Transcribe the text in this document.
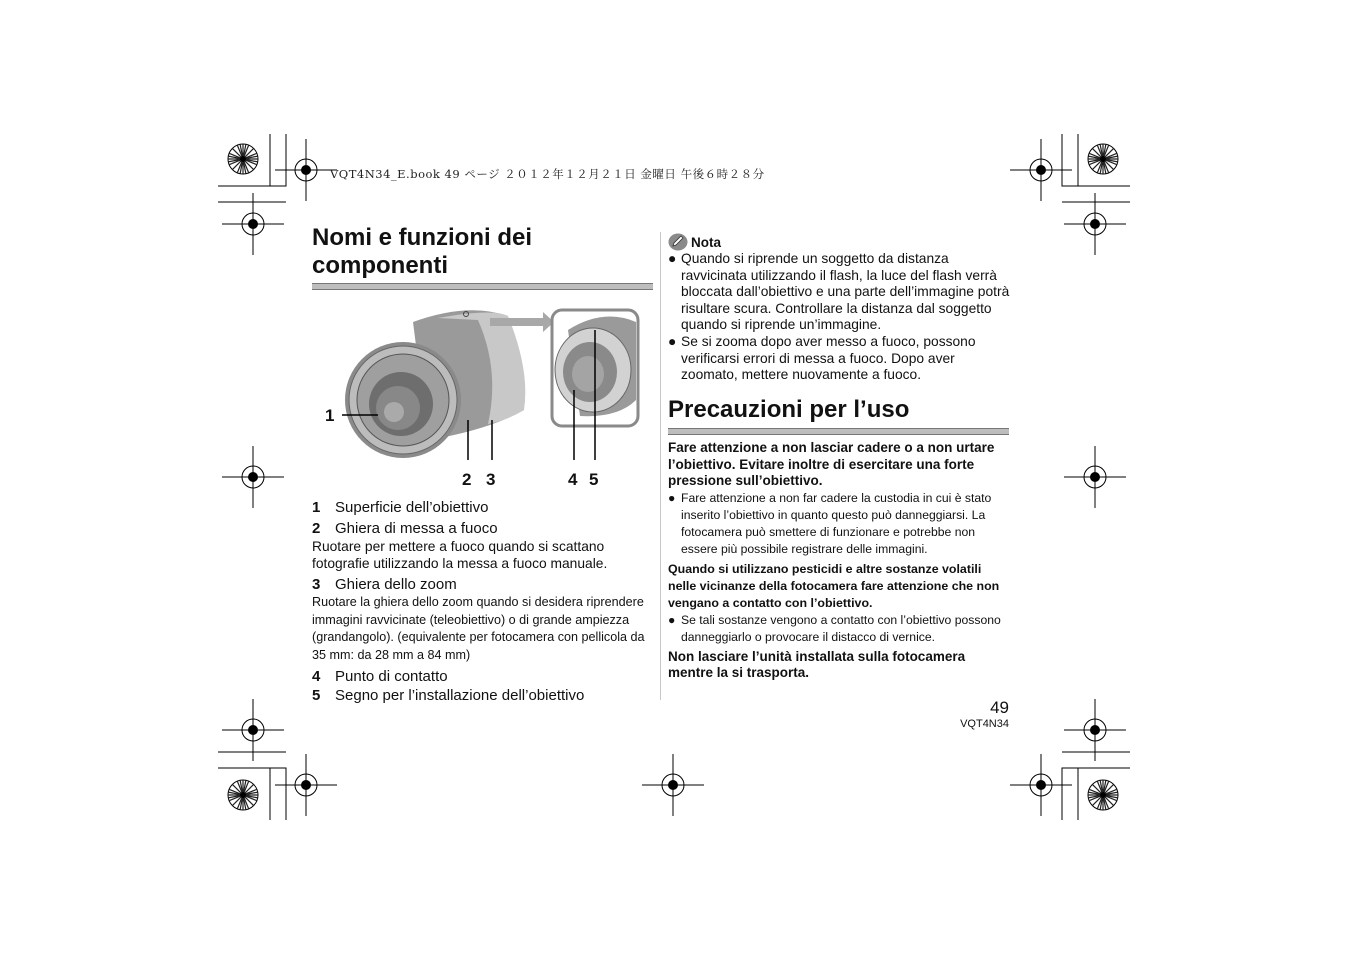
VQT4N34_E.book 49 ページ ２０１２年１２月２１日 金曜日 午後６時２８分
Nomi e funzioni dei
componenti
1
2 3	4 5
1 Superficie dell’obiettivo
2 Ghiera di messa a fuoco

Ruotare per mettere a fuoco quando si scattano fotografie utilizzando la messa a fuoco manuale.

3 Ghiera dello zoom

Ruotare la ghiera dello zoom quando si desidera riprendere immagini ravvicinate (teleobiettivo) o di grande ampiezza (grandangolo). (equivalente per fotocamera con pellicola da 35 mm: da 28 mm a 84 mm)

4 Punto di contatto
5 Segno per l’installazione dell’obiettivo
Nota
● Quando si riprende un soggetto da distanza ravvicinata utilizzando il flash, la luce del flash verrà bloccata dall’obiettivo e una parte dell’immagine potrà risultare scura. Controllare la distanza dal soggetto quando si riprende un’immagine.
● Se si zooma dopo aver messo a fuoco, possono verificarsi errori di messa a fuoco. Dopo aver zoomato, mettere nuovamente a fuoco.
Precauzioni per l’uso

Fare attenzione a non lasciar cadere o a non urtare l’obiettivo. Evitare inoltre di esercitare una forte pressione sull’obiettivo.

● Fare attenzione a non far cadere la custodia in cui è stato inserito l’obiettivo in quanto questo può danneggiarsi. La fotocamera può smettere di funzionare e potrebbe non essere più possibile registrare delle immagini.

Quando si utilizzano pesticidi e altre sostanze volatili nelle vicinanze della fotocamera fare attenzione che non vengano a contatto con l’obiettivo.

● Se tali sostanze vengono a contatto con l’obiettivo possono danneggiarlo o provocare il distacco di vernice.

Non lasciare l’unità installata sulla fotocamera mentre la si trasporta.

49
VQT4N34
